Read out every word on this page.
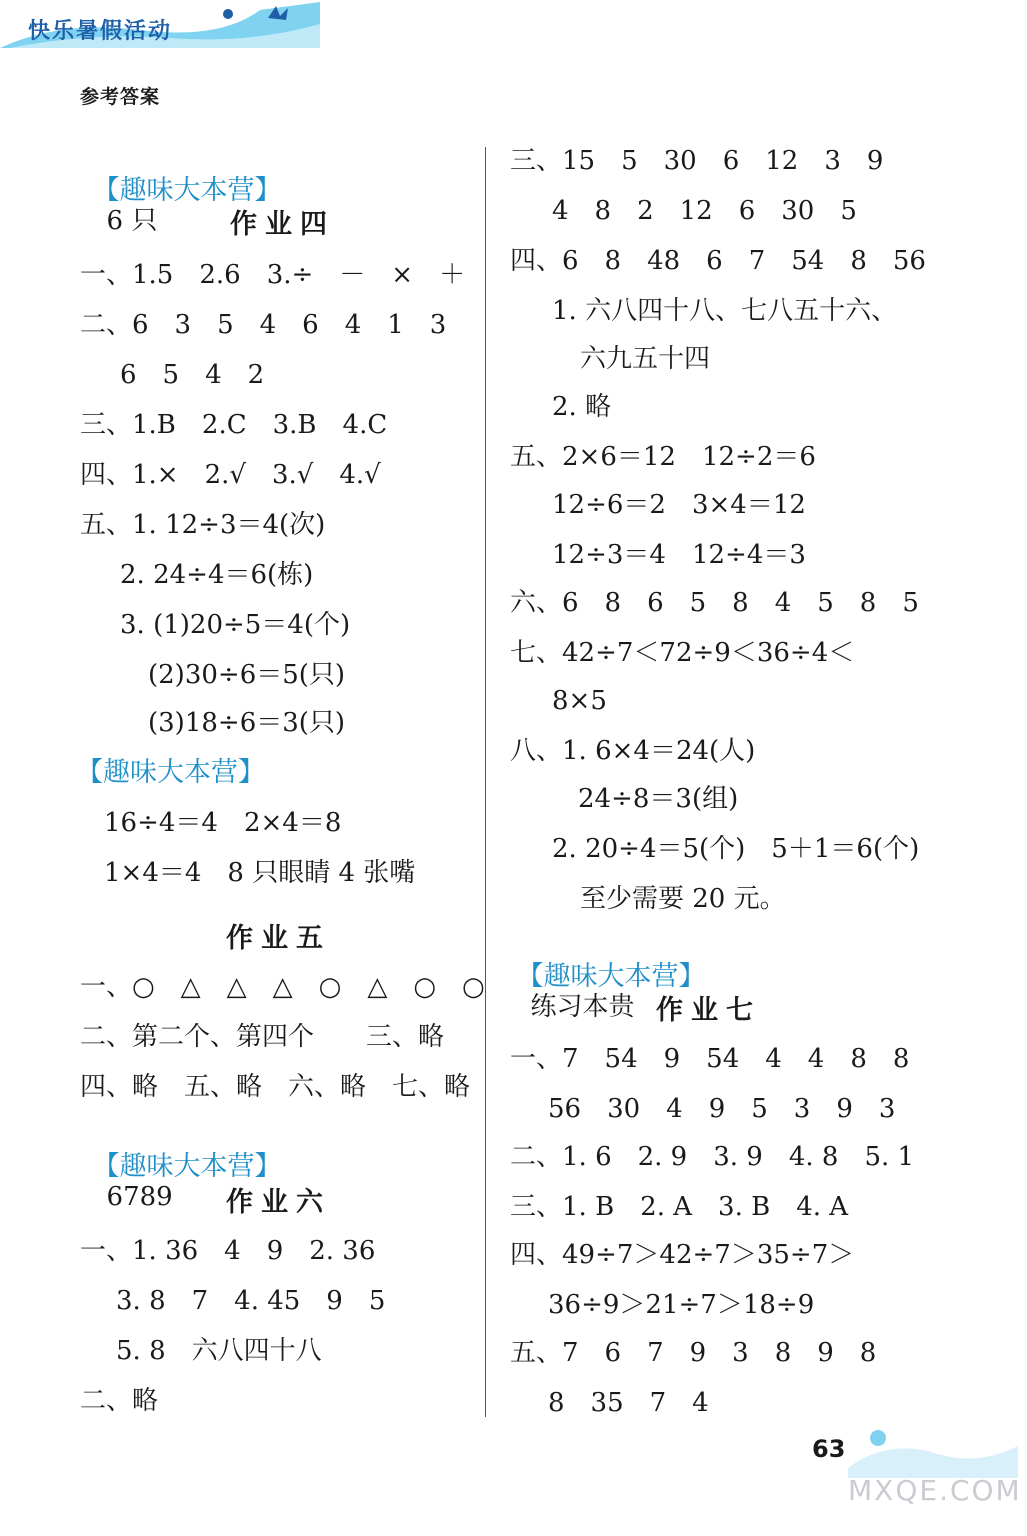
参考答案
快乐暑假活动

【趣味大本营】
6 只	作业四
一、1.5　2.6　3.÷　－　×　＋
二、6　3　5　4　6　4　1　3
6　5　4　2
三、1.B　2.C　3.B　4.C
四、1.×　2.√　3.√　4.√
五、1. 12÷3＝4(次)
2. 24÷4＝6(栋)
3. (1)20÷5＝4(个)
(2)30÷6＝5(只)
(3)18÷6＝3(只)
【趣味大本营】
16÷4＝4　2×4＝8
1×4＝4　8 只眼睛 4 张嘴
作业五
一、○　△　△　△　○　△　○　○
二、第二个、第四个　　三、略
四、略　五、略　六、略　七、略

【趣味大本营】
6789	作业六
一、1. 36　4　9　2. 36
3. 8　7　4. 45　9　5
5. 8　六八四十八
二、略
三、15　5　30　6　12　3　9
4　8　2　12　6　30　5
四、6　8　48　6　7　54　8　56
1. 六八四十八、七八五十六、
六九五十四
2. 略
五、2×6＝12　12÷2＝6
12÷6＝2　3×4＝12
12÷3＝4　12÷4＝3
六、6　8　6　5　8　4　5　8　5
七、42÷7＜72÷9＜36÷4＜
8×5
八、1. 6×4＝24(人)
24÷8＝3(组)
2. 20÷4＝5(个)　5＋1＝6(个)
至少需要 20 元。

【趣味大本营】
练习本贵 作业七
一、7　54　9　54　4　4　8　8
56　30　4　9　5　3　9　3
二、1. 6　2. 9　3. 9　4. 8　5. 1
三、1. B　2. A　3. B　4. A
四、49÷7＞42÷7＞35÷7＞
36÷9＞21÷7＞18÷9
五、7　6　7　9　3　8　9　8
8　35　7　4
63
MXQE.COM
